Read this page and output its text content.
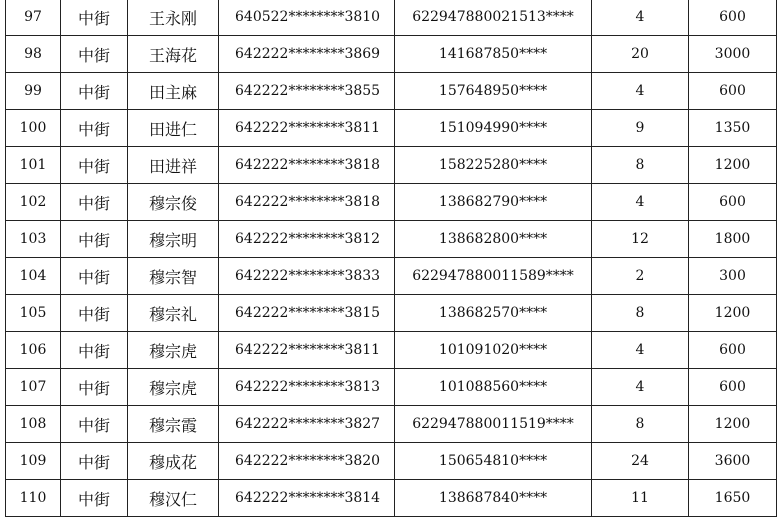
97	中街	王永刚	640522********3810	622947880021513****	4	600
98	中街	王海花	642222********3869	141687850****	20	3000
99	中街	田主麻	642222********3855	157648950****	4	600
100	中街	田进仁	642222********3811	151094990****	9	1350
101	中街	田进祥	642222********3818	158225280****	8	1200
102	中街	穆宗俊	642222********3818	138682790****	4	600
103	中街	穆宗明	642222********3812	138682800****	12	1800
104	中街	穆宗智	642222********3833	622947880011589****	2	300
105	中街	穆宗礼	642222********3815	138682570****	8	1200
106	中街	穆宗虎	642222********3811	101091020****	4	600
107	中街	穆宗虎	642222********3813	101088560****	4	600
108	中街	穆宗霞	642222********3827	622947880011519****	8	1200
109	中街	穆成花	642222********3820	150654810****	24	3600
110	中街	穆汉仁	642222********3814	138687840****	11	1650
